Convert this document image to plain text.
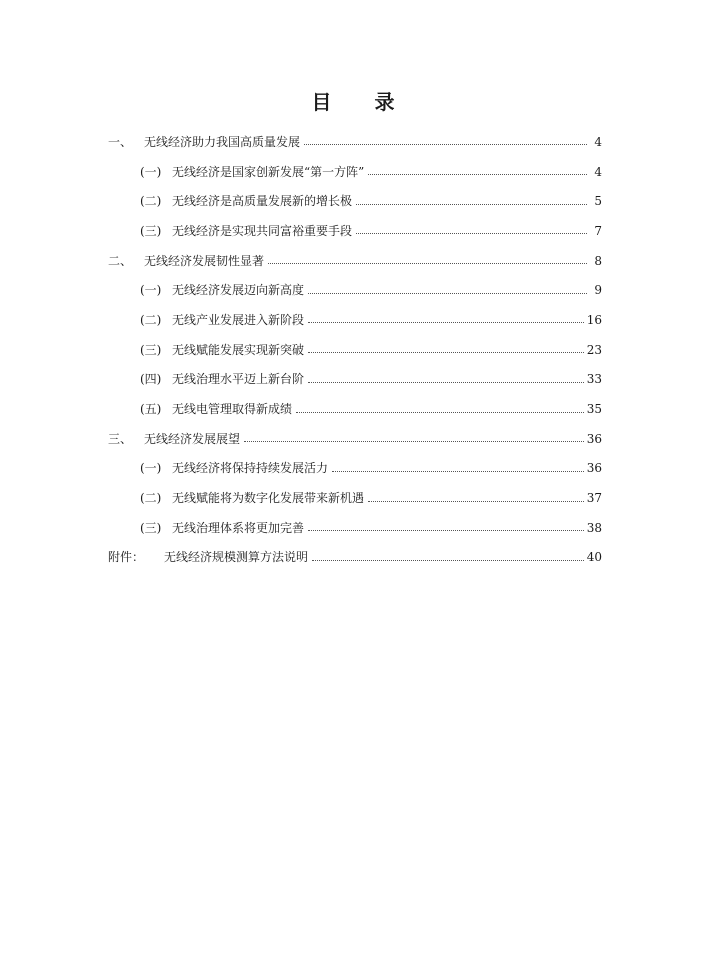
目 录
一、 无线经济助力我国高质量发展	4
(一) 无线经济是国家创新发展“第一方阵”	4
(二) 无线经济是高质量发展新的增长极	5
(三) 无线经济是实现共同富裕重要手段	7
二、 无线经济发展韧性显著	8
(一) 无线经济发展迈向新高度	9
(二) 无线产业发展进入新阶段	16
(三) 无线赋能发展实现新突破	23
(四) 无线治理水平迈上新台阶	33
(五) 无线电管理取得新成绩	35
三、 无线经济发展展望	36
(一) 无线经济将保持持续发展活力	36
(二) 无线赋能将为数字化发展带来新机遇	37
(三) 无线治理体系将更加完善	38
附件：	无线经济规模测算方法说明	40
